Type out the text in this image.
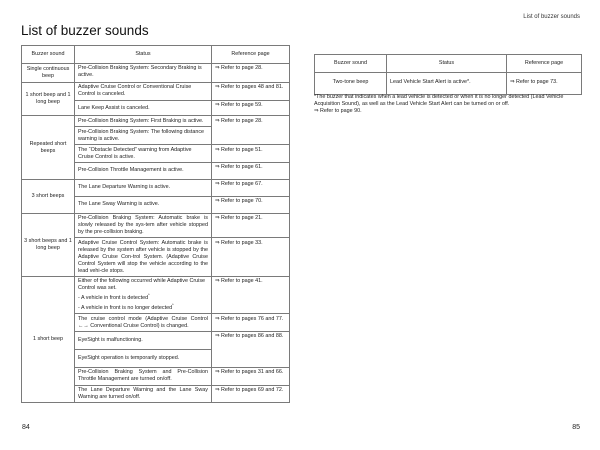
List of buzzer sounds
List of buzzer sounds
Buzzer sound	Status	Reference page
Single continuous beep	Pre-Collision Braking System: Secondary Braking is active.	⇒ Refer to page 28.
1 short beep and 1 long beep	Adaptive Cruise Control or Conventional Cruise Control is canceled.	⇒ Refer to pages 48 and 81.
	Lane Keep Assist is canceled.	⇒ Refer to page 59.
Repeated short beeps	Pre-Collision Braking System: First Braking is active.	⇒ Refer to page 28.
	Pre-Collision Braking System: The following distance warning is active.	
	The “Obstacle Detected” warning from Adaptive Cruise Control is active.	⇒ Refer to page 51.
	Pre-Collision Throttle Management is active.	⇒ Refer to page 61.
3 short beeps	The Lane Departure Warning is active.	⇒ Refer to page 67.
	The Lane Sway Warning is active.	⇒ Refer to page 70.
3 short beeps and 1 long beep	Pre-Collision Braking System: Automatic brake is slowly released by the sys-tem after vehicle stopped by the pre-collision braking.	⇒ Refer to page 21.
	Adaptive Cruise Control System: Automatic brake is released by the system after vehicle is stopped by the Adaptive Cruise Con-trol System. (Adaptive Cruise Control System will stop the vehicle according to the lead vehi-cle stops.	⇒ Refer to page 33.
1 short beep	Either of the following occurred while Adaptive Cruise Control was set.
- A vehicle in front is detected*
- A vehicle in front is no longer detected*	⇒ Refer to page 41.
	The cruise control mode (Adaptive Cruise Control ←→ Conventional Cruise Control) is changed.	⇒ Refer to pages 76 and 77.
	EyeSight is malfunctioning.	⇒ Refer to pages 86 and 88.
	EyeSight operation is temporarily stopped.	
	Pre-Collision Braking System and Pre-Collision Throttle Management are turned on/off.	⇒ Refer to pages 31 and 66.
	The Lane Departure Warning and the Lane Sway Warning are turned on/off.	⇒ Refer to pages 69 and 72.
Buzzer sound	Status	Reference page
Two-tone beep	Lead Vehicle Start Alert is active*.	⇒ Refer to page 73.
*The buzzer that indicates when a lead vehicle is detected or when it is no longer detected (Lead Vehicle Acquisition Sound), as well as the Lead Vehicle Start Alert can be turned on or off.
⇒ Refer to page 90.
84	85
